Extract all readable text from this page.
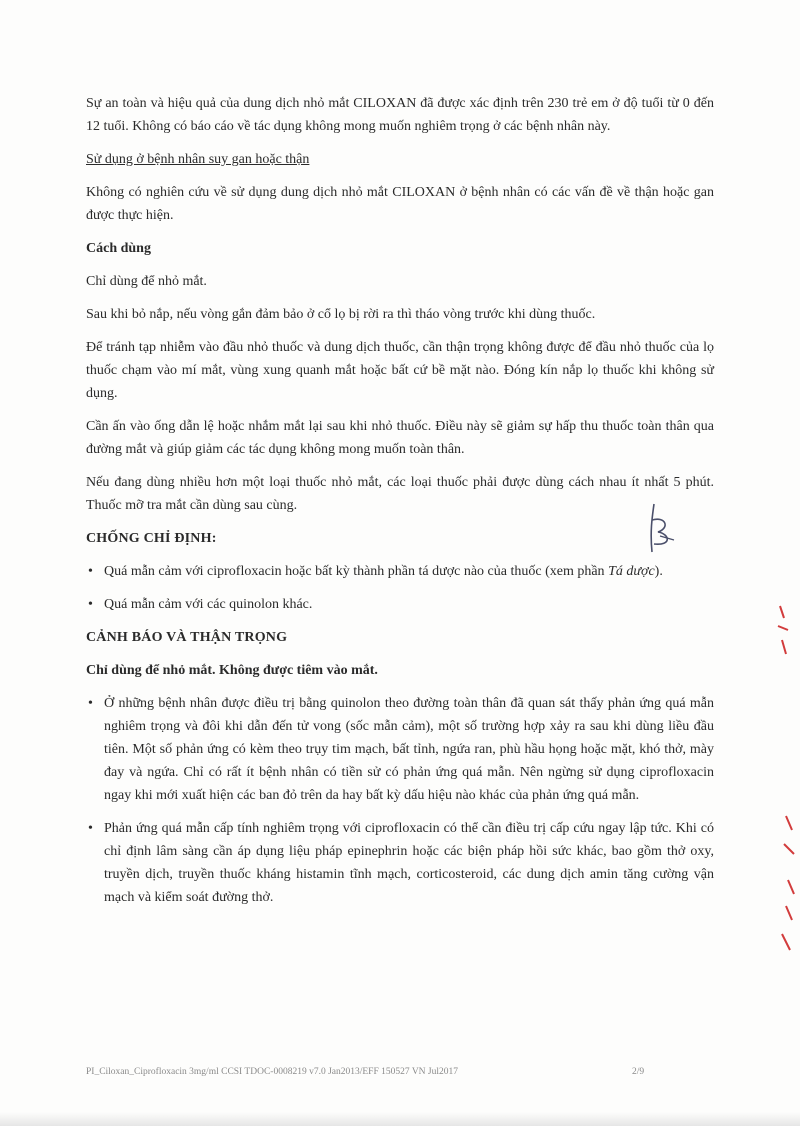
Sự an toàn và hiệu quả của dung dịch nhỏ mắt CILOXAN đã được xác định trên 230 trẻ em ở độ tuổi từ 0 đến 12 tuổi. Không có báo cáo về tác dụng không mong muốn nghiêm trọng ở các bệnh nhân này.

Sử dụng ở bệnh nhân suy gan hoặc thận

Không có nghiên cứu về sử dụng dung dịch nhỏ mắt CILOXAN ở bệnh nhân có các vấn đề về thận hoặc gan được thực hiện.

Cách dùng

Chỉ dùng để nhỏ mắt.

Sau khi bỏ nắp, nếu vòng gắn đảm bảo ở cổ lọ bị rời ra thì tháo vòng trước khi dùng thuốc.

Để tránh tạp nhiễm vào đầu nhỏ thuốc và dung dịch thuốc, cần thận trọng không được để đầu nhỏ thuốc của lọ thuốc chạm vào mí mắt, vùng xung quanh mắt hoặc bất cứ bề mặt nào. Đóng kín nắp lọ thuốc khi không sử dụng.

Cần ấn vào ống dẫn lệ hoặc nhắm mắt lại sau khi nhỏ thuốc. Điều này sẽ giảm sự hấp thu thuốc toàn thân qua đường mắt và giúp giảm các tác dụng không mong muốn toàn thân.

Nếu đang dùng nhiều hơn một loại thuốc nhỏ mắt, các loại thuốc phải được dùng cách nhau ít nhất 5 phút. Thuốc mỡ tra mắt cần dùng sau cùng.

CHỐNG CHỈ ĐỊNH:

• Quá mẫn cảm với ciprofloxacin hoặc bất kỳ thành phần tá dược nào của thuốc (xem phần Tá dược).
• Quá mẫn cảm với các quinolon khác.

CẢNH BÁO VÀ THẬN TRỌNG

Chỉ dùng để nhỏ mắt. Không được tiêm vào mắt.

• Ở những bệnh nhân được điều trị bằng quinolon theo đường toàn thân đã quan sát thấy phản ứng quá mẫn nghiêm trọng và đôi khi dẫn đến tử vong (sốc mẫn cảm), một số trường hợp xảy ra sau khi dùng liều đầu tiên. Một số phản ứng có kèm theo trụy tim mạch, bất tỉnh, ngứa ran, phù hầu họng hoặc mặt, khó thở, mày đay và ngứa. Chỉ có rất ít bệnh nhân có tiền sử có phản ứng quá mẫn. Nên ngừng sử dụng ciprofloxacin ngay khi mới xuất hiện các ban đỏ trên da hay bất kỳ dấu hiệu nào khác của phản ứng quá mẫn.
• Phản ứng quá mẫn cấp tính nghiêm trọng với ciprofloxacin có thể cần điều trị cấp cứu ngay lập tức. Khi có chỉ định lâm sàng cần áp dụng liệu pháp epinephrin hoặc các biện pháp hồi sức khác, bao gồm thở oxy, truyền dịch, truyền thuốc kháng histamin tĩnh mạch, corticosteroid, các dung dịch amin tăng cường vận mạch và kiểm soát đường thở.
PI_Ciloxan_Ciprofloxacin 3mg/ml CCSI TDOC-0008219 v7.0 Jan2013/EFF 150527 VN Jul2017	2/9
